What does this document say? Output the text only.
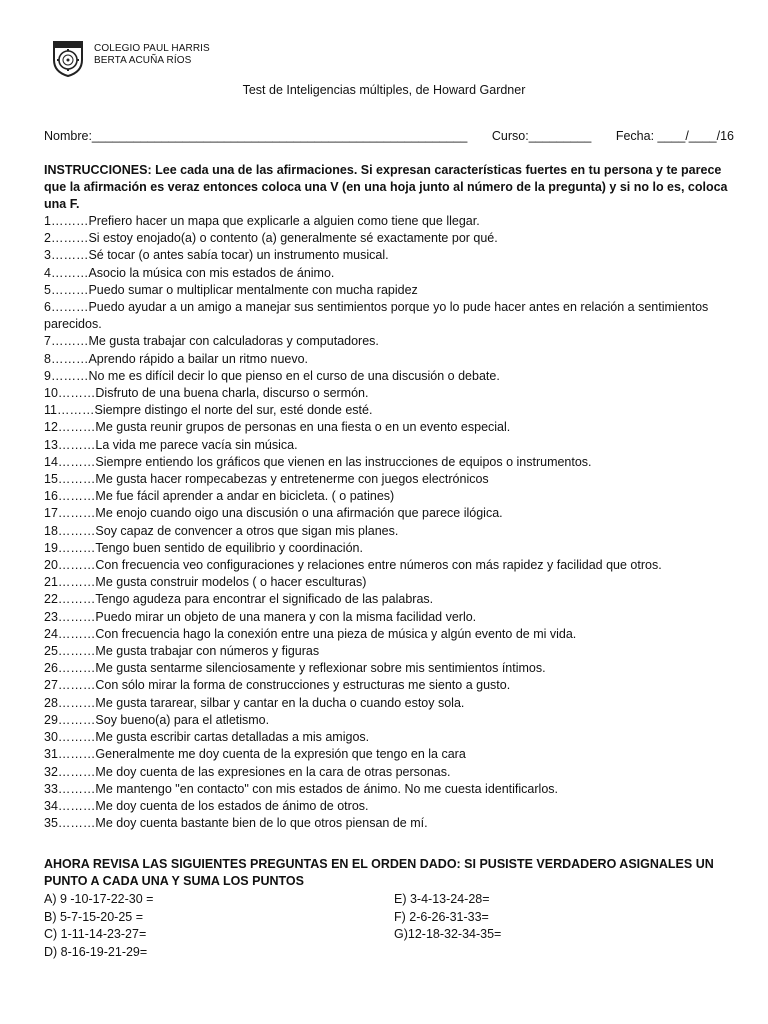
COLEGIO PAUL HARRIS
BERTA ACUÑA RÍOS
Test de Inteligencias múltiples, de Howard Gardner
Nombre:______________________________________________________ Curso:_________ Fecha: ____/____/16
INSTRUCCIONES: Lee cada una de las afirmaciones. Si expresan características fuertes en tu persona y te parece que la afirmación es veraz entonces coloca una V (en una hoja junto al número de la pregunta) y si no lo es, coloca una F.
1………Prefiero hacer un mapa que explicarle a alguien como tiene que llegar.
2………Si estoy enojado(a) o contento (a) generalmente sé exactamente por qué.
3………Sé tocar (o antes sabía tocar) un instrumento musical.
4………Asocio la música con mis estados de ánimo.
5………Puedo sumar o multiplicar mentalmente con mucha rapidez
6………Puedo ayudar a un amigo a manejar sus sentimientos porque yo lo pude hacer antes en relación a sentimientos parecidos.
7………Me gusta trabajar con calculadoras y computadores.
8………Aprendo rápido a bailar un ritmo nuevo.
9………No me es difícil decir lo que pienso en el curso de una discusión o debate.
10………Disfruto de una buena charla, discurso o sermón.
11………Siempre distingo el norte del sur, esté donde esté.
12………Me gusta reunir grupos de personas en una fiesta o en un evento especial.
13………La vida me parece vacía sin música.
14………Siempre entiendo los gráficos que vienen en las instrucciones de equipos o instrumentos.
15………Me gusta hacer rompecabezas y entretenerme con juegos electrónicos
16………Me fue fácil aprender a andar en bicicleta. ( o patines)
17………Me enojo cuando oigo una discusión o una afirmación que parece ilógica.
18………Soy capaz de convencer a otros que sigan mis planes.
19………Tengo buen sentido de equilibrio y coordinación.
20………Con frecuencia veo configuraciones y relaciones entre números con más rapidez y facilidad que otros.
21………Me gusta construir modelos ( o hacer esculturas)
22………Tengo agudeza para encontrar el significado de las palabras.
23………Puedo mirar un objeto de una manera y con la misma facilidad verlo.
24………Con frecuencia hago la conexión entre una pieza de música y algún evento de mi vida.
25………Me gusta trabajar con números y figuras
26………Me gusta sentarme silenciosamente y reflexionar sobre mis sentimientos íntimos.
27………Con sólo mirar la forma de construcciones y estructuras me siento a gusto.
28………Me gusta tararear, silbar y cantar en la ducha o cuando estoy sola.
29………Soy bueno(a) para el atletismo.
30………Me gusta escribir cartas detalladas a mis amigos.
31………Generalmente me doy cuenta de la expresión que tengo en la cara
32………Me doy cuenta de las expresiones en la cara de otras personas.
33………Me mantengo "en contacto" con mis estados de ánimo. No me cuesta identificarlos.
34………Me doy cuenta de los estados de ánimo de otros.
35………Me doy cuenta bastante bien de lo que otros piensan de mí.
AHORA REVISA LAS SIGUIENTES PREGUNTAS EN EL ORDEN DADO: SI PUSISTE VERDADERO ASIGNALES UN PUNTO A CADA UNA Y SUMA LOS PUNTOS
A) 9 -10-17-22-30 =	E) 3-4-13-24-28=
B) 5-7-15-20-25 =	F) 2-6-26-31-33=
C) 1-11-14-23-27=	G)12-18-32-34-35=
D) 8-16-19-21-29=
